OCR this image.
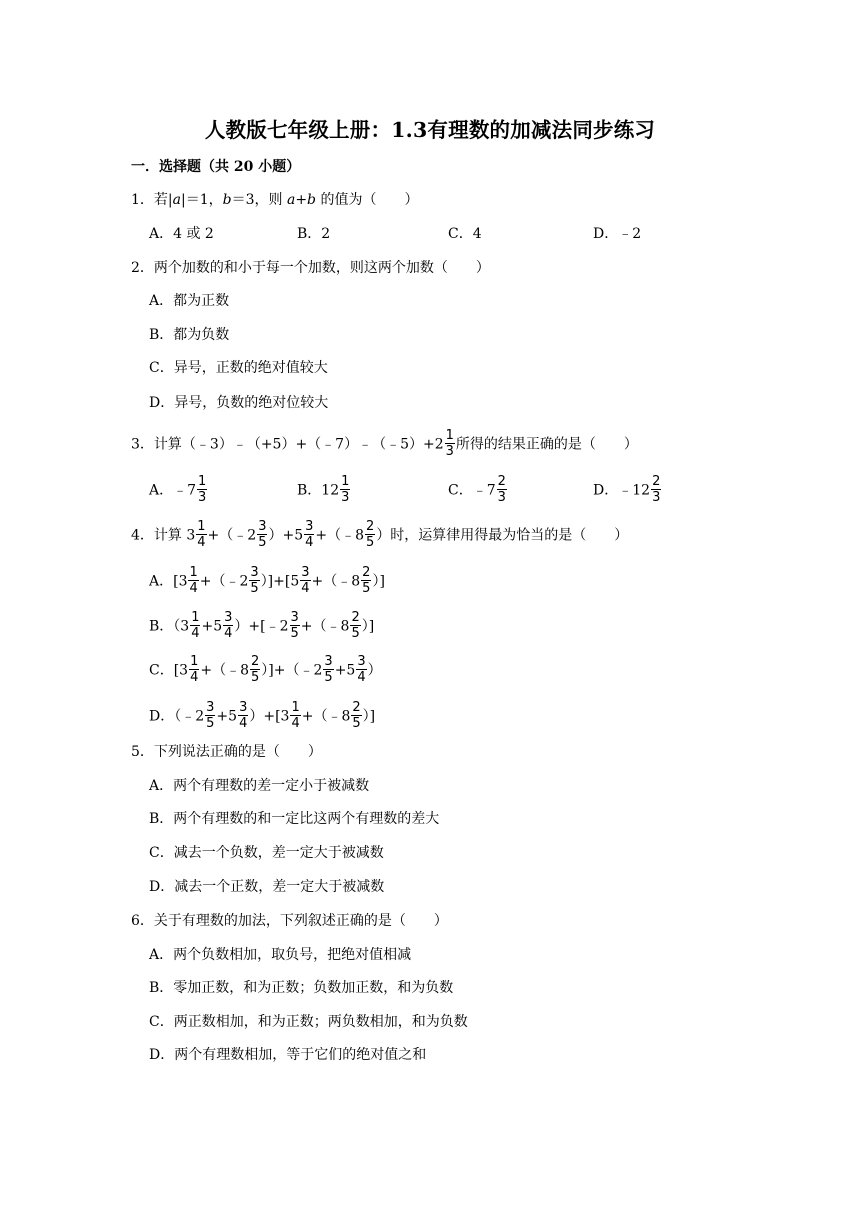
人教版七年级上册：1.3有理数的加减法同步练习
一．选择题（共 20 小题）
1．若|a|＝1，b＝3，则 a+b 的值为（　　）
A．4 或 2	B．2	C．4	D．﹣2
2．两个加数的和小于每一个加数，则这两个加数（　　）
A．都为正数
B．都为负数
C．异号，正数的绝对值较大
D．异号，负数的绝对位较大
3．计算（﹣3）﹣（+5）+（﹣7）﹣（﹣5）+2 $\frac{1}{3}$ 所得的结果正确的是（　　）
A．﹣7 $\frac{1}{3}$	B．$12 \frac{1}{3}$	C．﹣7 $\frac{2}{3}$	D．﹣12 $\frac{2}{3}$
4．计算 $3 \frac{1}{4}$ +（﹣2 $\frac{3}{5} )+5 \frac{3}{4}$ +（﹣8 $\frac{2}{5}$ ）时，运算律用得最为恰当的是（　　）
A．[$3 \frac{1}{4}$ +（﹣2 $\frac{3}{5} )]+[5 \frac{3}{4}$ +（﹣8 $\frac{2}{5}$ ）]
B．（$3 \frac{1}{4} +5 \frac{3}{4}$ ）+[﹣2 $\frac{3}{5}$ +（﹣8 $\frac{2}{5}$ ）]
C．[$3 \frac{1}{4}$ +（﹣8 $\frac{2}{5}$ ）]+（﹣2 $\frac{3}{5} +5 \frac{3}{4}$ ）
D．（﹣2 $\frac{3}{5} +5 \frac{3}{4} )+[3 \frac{1}{4}$ +（﹣8 $\frac{2}{5}$ ）]
5．下列说法正确的是（　　）
A．两个有理数的差一定小于被减数
B．两个有理数的和一定比这两个有理数的差大
C．减去一个负数，差一定大于被减数
D．减去一个正数，差一定大于被减数
6．关于有理数的加法，下列叙述正确的是（　　）
A．两个负数相加，取负号，把绝对值相减
B．零加正数，和为正数；负数加正数，和为负数
C．两正数相加，和为正数；两负数相加，和为负数
D．两个有理数相加，等于它们的绝对值之和
